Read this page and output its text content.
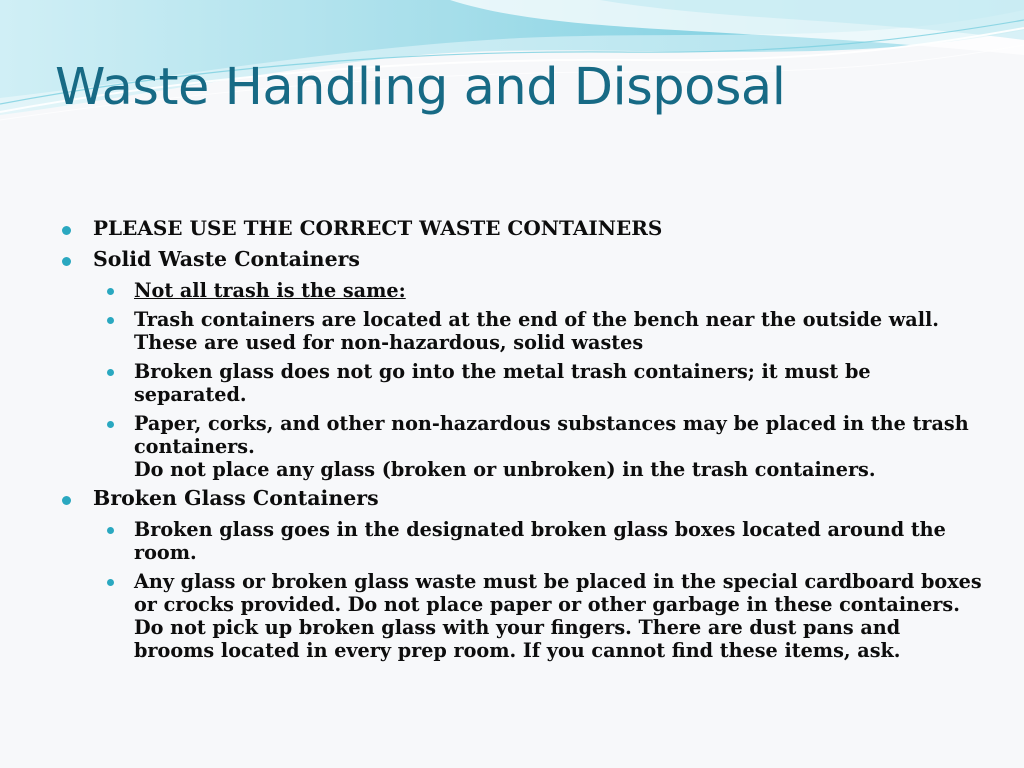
Waste Handling and Disposal
PLEASE USE THE CORRECT WASTE CONTAINERS
Solid Waste Containers
Not all trash is the same:
Trash containers are located at the end of the bench near the outside wall. These are used for non-hazardous, solid wastes
Broken glass does not go into the metal trash containers; it must be separated.
Paper, corks, and other non-hazardous substances may be placed in the trash containers.
Do not place any glass (broken or unbroken) in the trash containers.
Broken Glass Containers
Broken glass goes in the designated broken glass boxes located around the room.
Any glass or broken glass waste must be placed in the special cardboard boxes or crocks provided. Do not place paper or other garbage in these containers. Do not pick up broken glass with your fingers. There are dust pans and brooms located in every prep room. If you cannot find these items, ask.
